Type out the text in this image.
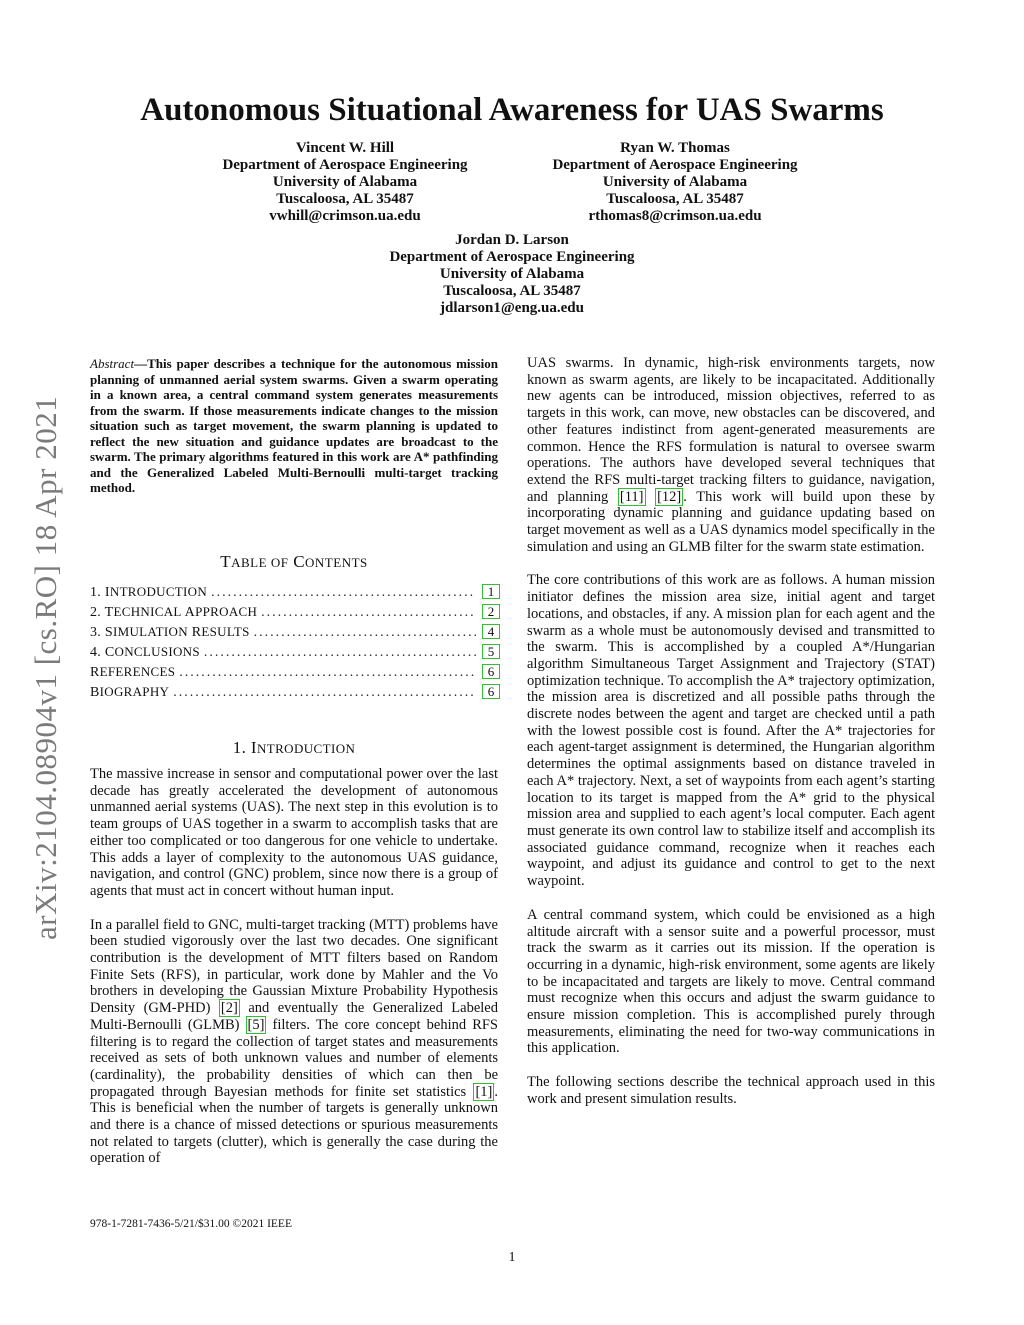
arXiv:2104.08904v1 [cs.RO] 18 Apr 2021
Autonomous Situational Awareness for UAS Swarms
Vincent W. Hill
Department of Aerospace Engineering
University of Alabama
Tuscaloosa, AL 35487
vwhill@crimson.ua.edu
Ryan W. Thomas
Department of Aerospace Engineering
University of Alabama
Tuscaloosa, AL 35487
rthomas8@crimson.ua.edu
Jordan D. Larson
Department of Aerospace Engineering
University of Alabama
Tuscaloosa, AL 35487
jdlarson1@eng.ua.edu
Abstract—This paper describes a technique for the autonomous mission planning of unmanned aerial system swarms. Given a swarm operating in a known area, a central command system generates measurements from the swarm. If those measurements indicate changes to the mission situation such as target movement, the swarm planning is updated to reflect the new situation and guidance updates are broadcast to the swarm. The primary algorithms featured in this work are A* pathfinding and the Generalized Labeled Multi-Bernoulli multi-target tracking method.
TABLE OF CONTENTS
1. INTRODUCTION .....	1
2. TECHNICAL APPROACH .....	2
3. SIMULATION RESULTS .....	4
4. CONCLUSIONS .....	5
REFERENCES .....	6
BIOGRAPHY .....	6
1. INTRODUCTION

The massive increase in sensor and computational power over the last decade has greatly accelerated the development of autonomous unmanned aerial systems (UAS). The next step in this evolution is to team groups of UAS together in a swarm to accomplish tasks that are either too complicated or too dangerous for one vehicle to undertake. This adds a layer of complexity to the autonomous UAS guidance, navigation, and control (GNC) problem, since now there is a group of agents that must act in concert without human input.

In a parallel field to GNC, multi-target tracking (MTT) problems have been studied vigorously over the last two decades. One significant contribution is the development of MTT filters based on Random Finite Sets (RFS), in particular, work done by Mahler and the Vo brothers in developing the Gaussian Mixture Probability Hypothesis Density (GM-PHD) [2] and eventually the Generalized Labeled Multi-Bernoulli (GLMB) [5] filters. The core concept behind RFS filtering is to regard the collection of target states and measurements received as sets of both unknown values and number of elements (cardinality), the probability densities of which can then be propagated through Bayesian methods for finite set statistics [1] . This is beneficial when the number of targets is generally unknown and there is a chance of missed detections or spurious measurements not related to targets (clutter), which is generally the case during the operation of

UAS swarms. In dynamic, high-risk environments targets, now known as swarm agents, are likely to be incapacitated. Additionally new agents can be introduced, mission objectives, referred to as targets in this work, can move, new obstacles can be discovered, and other features indistinct from agent-generated measurements are common. Hence the RFS formulation is natural to oversee swarm operations. The authors have developed several techniques that extend the RFS multi-target tracking filters to guidance, navigation, and planning [11] [12] . This work will build upon these by incorporating dynamic planning and guidance updating based on target movement as well as a UAS dynamics model specifically in the simulation and using an GLMB filter for the swarm state estimation.

The core contributions of this work are as follows. A human mission initiator defines the mission area size, initial agent and target locations, and obstacles, if any. A mission plan for each agent and the swarm as a whole must be autonomously devised and transmitted to the swarm. This is accomplished by a coupled A*/Hungarian algorithm Simultaneous Target Assignment and Trajectory (STAT) optimization technique. To accomplish the A* trajectory optimization, the mission area is discretized and all possible paths through the discrete nodes between the agent and target are checked until a path with the lowest possible cost is found. After the A* trajectories for each agent-target assignment is determined, the Hungarian algorithm determines the optimal assignments based on distance traveled in each A* trajectory. Next, a set of waypoints from each agent’s starting location to its target is mapped from the A* grid to the physical mission area and supplied to each agent’s local computer. Each agent must generate its own control law to stabilize itself and accomplish its associated guidance command, recognize when it reaches each waypoint, and adjust its guidance and control to get to the next waypoint.

A central command system, which could be envisioned as a high altitude aircraft with a sensor suite and a powerful processor, must track the swarm as it carries out its mission. If the operation is occurring in a dynamic, high-risk environment, some agents are likely to be incapacitated and targets are likely to move. Central command must recognize when this occurs and adjust the swarm guidance to ensure mission completion. This is accomplished purely through measurements, eliminating the need for two-way communications in this application.

The following sections describe the technical approach used in this work and present simulation results.

978-1-7281-7436-5/21/$31.00 ©2021 IEEE
1
